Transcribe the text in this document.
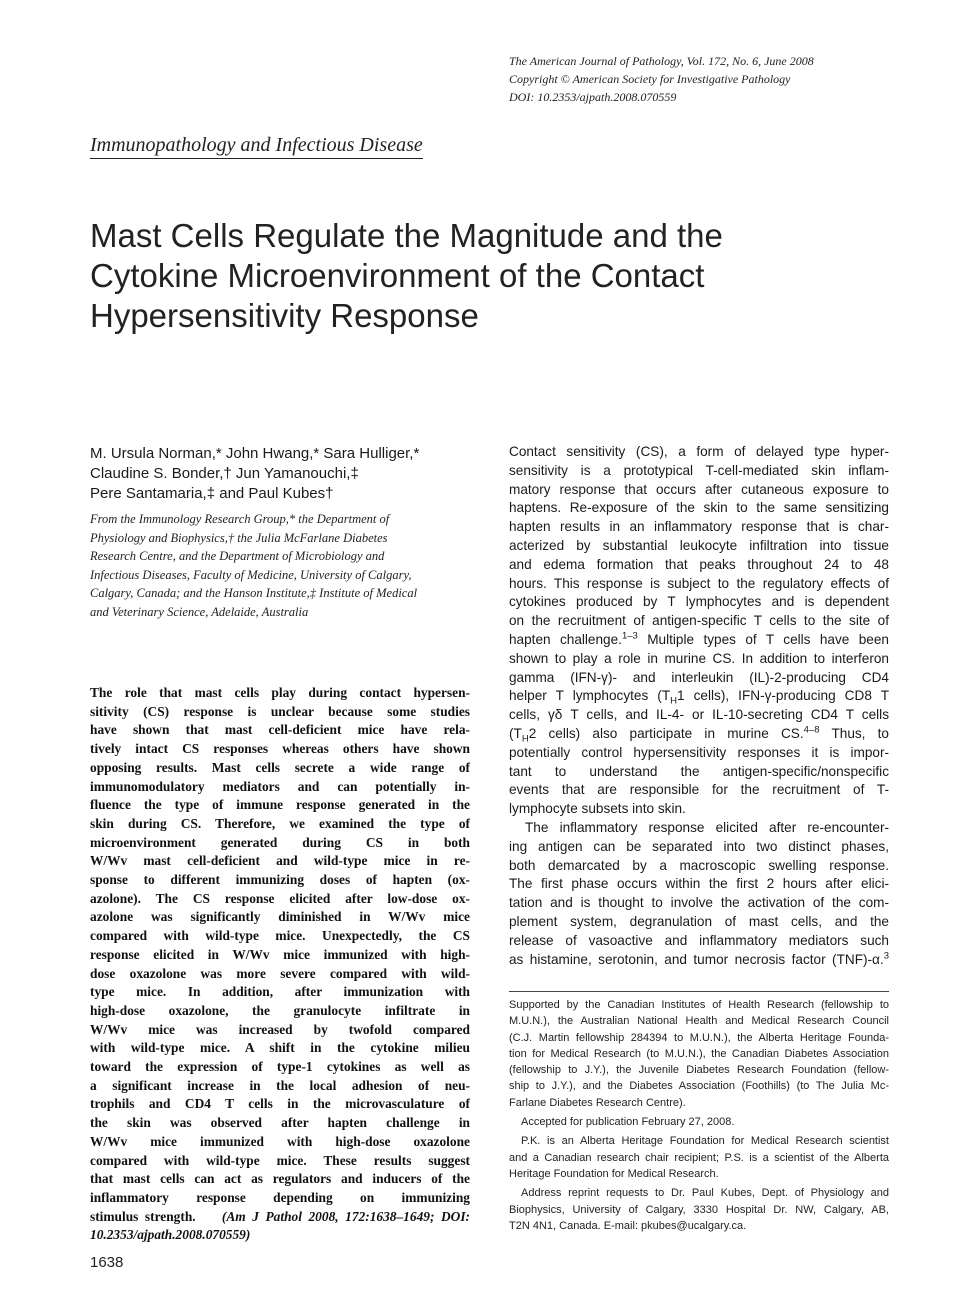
The American Journal of Pathology, Vol. 172, No. 6, June 2008
Copyright © American Society for Investigative Pathology
DOI: 10.2353/ajpath.2008.070559
Immunopathology and Infectious Disease
Mast Cells Regulate the Magnitude and the
Cytokine Microenvironment of the Contact
Hypersensitivity Response
M. Ursula Norman,* John Hwang,* Sara Hulliger,*
Claudine S. Bonder,† Jun Yamanouchi,‡
Pere Santamaria,‡ and Paul Kubes†
From the Immunology Research Group,* the Department of
Physiology and Biophysics,† the Julia McFarlane Diabetes
Research Centre, and the Department of Microbiology and
Infectious Diseases, Faculty of Medicine, University of Calgary,
Calgary, Canada; and the Hanson Institute,‡ Institute of Medical
and Veterinary Science, Adelaide, Australia
The role that mast cells play during contact hypersen-
sitivity (CS) response is unclear because some studies
have shown that mast cell-deficient mice have rela-
tively intact CS responses whereas others have shown
opposing results. Mast cells secrete a wide range of
immunomodulatory mediators and can potentially in-
fluence the type of immune response generated in the
skin during CS. Therefore, we examined the type of
microenvironment generated during CS in both
W/Wv mast cell-deficient and wild-type mice in re-
sponse to different immunizing doses of hapten (ox-
azolone). The CS response elicited after low-dose ox-
azolone was significantly diminished in W/Wv mice
compared with wild-type mice. Unexpectedly, the CS
response elicited in W/Wv mice immunized with high-
dose oxazolone was more severe compared with wild-
type mice. In addition, after immunization with
high-dose oxazolone, the granulocyte infiltrate in
W/Wv mice was increased by twofold compared
with wild-type mice. A shift in the cytokine milieu
toward the expression of type-1 cytokines as well as
a significant increase in the local adhesion of neu-
trophils and CD4 T cells in the microvasculature of
the skin was observed after hapten challenge in
W/Wv mice immunized with high-dose oxazolone
compared with wild-type mice. These results suggest
that mast cells can act as regulators and inducers of the
inflammatory response depending on immunizing
stimulus strength. (Am J Pathol 2008, 172:1638–1649; DOI:
10.2353/ajpath.2008.070559)
1638
Contact sensitivity (CS), a form of delayed type hyper-
sensitivity is a prototypical T-cell-mediated skin inflam-
matory response that occurs after cutaneous exposure to
haptens. Re-exposure of the skin to the same sensitizing
hapten results in an inflammatory response that is char-
acterized by substantial leukocyte infiltration into tissue
and edema formation that peaks throughout 24 to 48
hours. This response is subject to the regulatory effects of
cytokines produced by T lymphocytes and is dependent
on the recruitment of antigen-specific T cells to the site of
hapten challenge.$^{1-3}$ Multiple types of T cells have been
shown to play a role in murine CS. In addition to interferon
gamma (IFN-γ)- and interleukin (IL)-2-producing CD4
helper T lymphocytes ($T_H1$ cells), IFN-γ-producing CD8 T
cells, γδ T cells, and IL-4- or IL-10-secreting CD4 T cells
($T_H2$ cells) also participate in murine CS.$^{4-8}$ Thus, to
potentially control hypersensitivity responses it is impor-
tant to understand the antigen-specific/nonspecific
events that are responsible for the recruitment of T-
lymphocyte subsets into skin.
The inflammatory response elicited after re-encounter-
ing antigen can be separated into two distinct phases,
both demarcated by a macroscopic swelling response.
The first phase occurs within the first 2 hours after elici-
tation and is thought to involve the activation of the com-
plement system, degranulation of mast cells, and the
release of vasoactive and inflammatory mediators such
as histamine, serotonin, and tumor necrosis factor (TNF)-α.$^3$
Supported by the Canadian Institutes of Health Research (fellowship to
M.U.N.), the Australian National Health and Medical Research Council
(C.J. Martin fellowship 284394 to M.U.N.), the Alberta Heritage Founda-
tion for Medical Research (to M.U.N.), the Canadian Diabetes Association
(fellowship to J.Y.), the Juvenile Diabetes Research Foundation (fellow-
ship to J.Y.), and the Diabetes Association (Foothills) (to The Julia Mc-
Farlane Diabetes Research Centre).
Accepted for publication February 27, 2008.
P.K. is an Alberta Heritage Foundation for Medical Research scientist
and a Canadian research chair recipient; P.S. is a scientist of the Alberta
Heritage Foundation for Medical Research.
Address reprint requests to Dr. Paul Kubes, Dept. of Physiology and
Biophysics, University of Calgary, 3330 Hospital Dr. NW, Calgary, AB,
T2N 4N1, Canada. E-mail: pkubes@ucalgary.ca.
